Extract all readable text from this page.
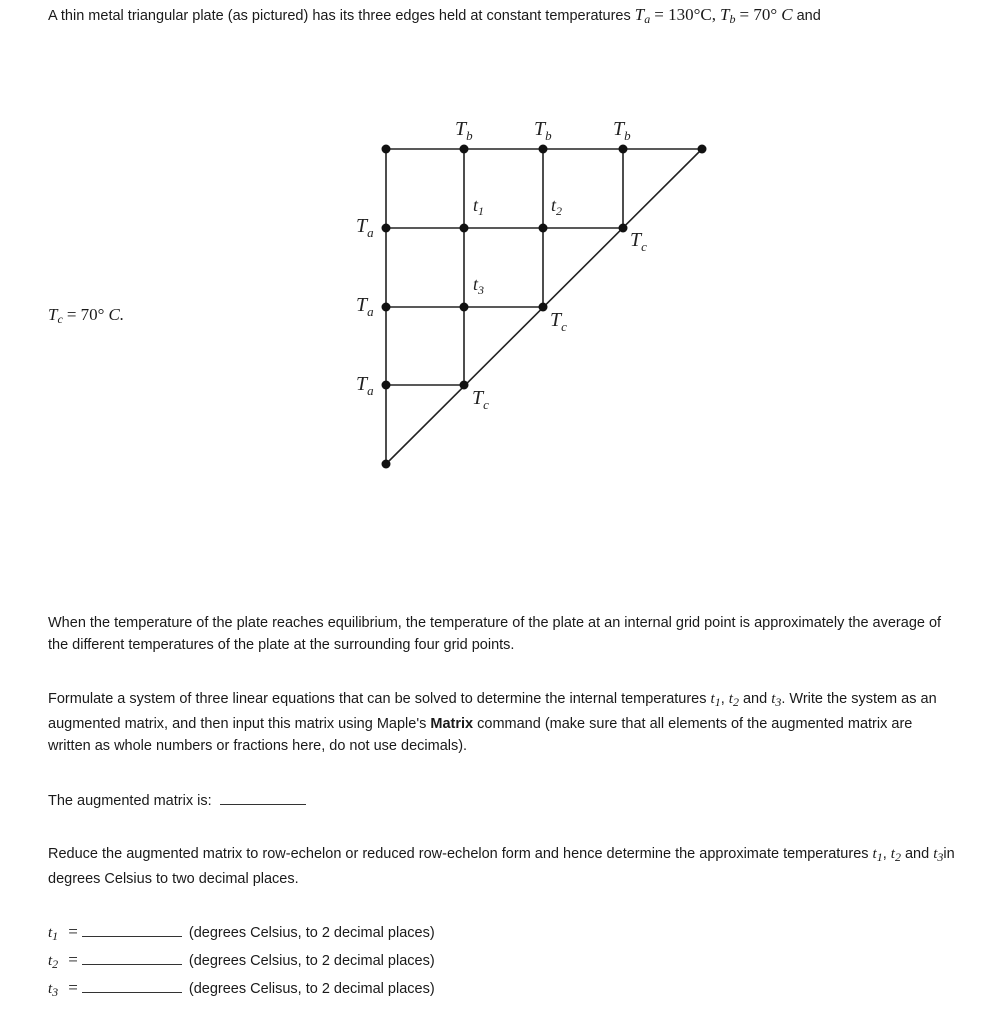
A thin metal triangular plate (as pictured) has its three edges held at constant temperatures $T_a = 130^\circ C$, $T_b = 70^\circ$ C and
$T_c = 70^\circ$ C.
$T_b$	$T_b$	$T_b$
$T_a$
$T_a$
$T_a$
$T_c$
$T_c$
$T_c$
$t_1$	$t_2$
$t_3$
When the temperature of the plate reaches equilibrium, the temperature of the plate at an internal grid point is approximately the average of the different temperatures of the plate at the surrounding four grid points.
Formulate a system of three linear equations that can be solved to determine the internal temperatures $t_1$, $t_2$ and $t_3$. Write the system as an augmented matrix, and then input this matrix using Maple's Matrix command (make sure that all elements of the augmented matrix are written as whole numbers or fractions here, do not use decimals).
The augmented matrix is:
Reduce the augmented matrix to row-echelon or reduced row-echelon form and hence determine the approximate temperatures $t_1$, $t_2$ and $t_3in$ degrees Celsius to two decimal places.
$t_1$ =	(degrees Celsius, to 2 decimal places)
$t_2$ =	(degrees Celsius, to 2 decimal places)
$t_3$ =	(degrees Celisus, to 2 decimal places)
